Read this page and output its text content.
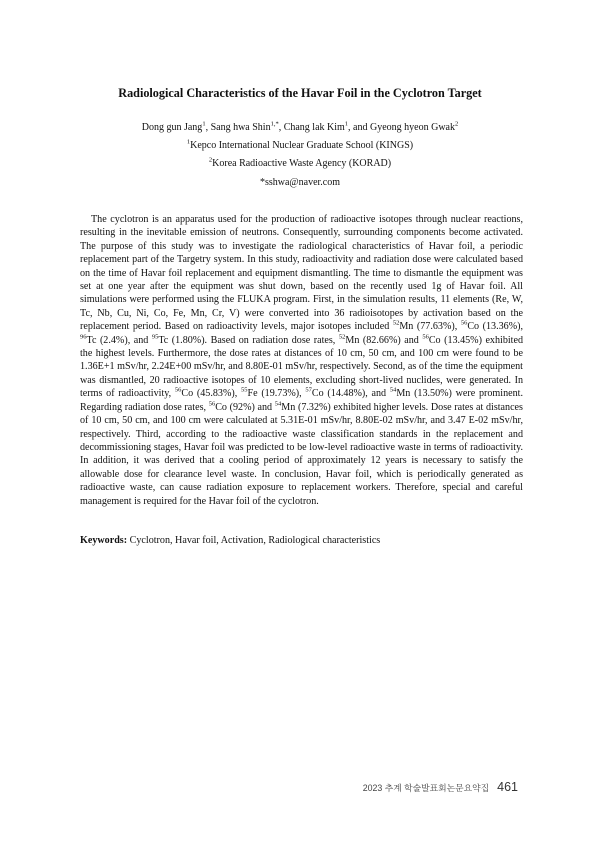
Radiological Characteristics of the Havar Foil in the Cyclotron Target
Dong gun Jang$^1$, Sang hwa Shin$^{1,*}$, Chang lak Kim$^1$, and Gyeong hyeon Gwak$^2$
$^1$Kepco International Nuclear Graduate School (KINGS)
$^2$Korea Radioactive Waste Agency (KORAD)
*sshwa@naver.com
The cyclotron is an apparatus used for the production of radioactive isotopes through nuclear reactions, resulting in the inevitable emission of neutrons. Consequently, surrounding components become activated. The purpose of this study was to investigate the radiological characteristics of Havar foil, a periodic replacement part of the Targetry system. In this study, radioactivity and radiation dose were calculated based on the time of Havar foil replacement and equipment dismantling. The time to dismantle the equipment was set at one year after the equipment was shut down, based on the recently used 1g of Havar foil. All simulations were performed using the FLUKA program. First, in the simulation results, 11 elements (Re, W, Tc, Nb, Cu, Ni, Co, Fe, Mn, Cr, V) were converted into 36 radioisotopes by activation based on the replacement period. Based on radioactivity levels, major isotopes included $^{52}$Mn (77.63%), $^{56}$Co (13.36%), $^{96}$Tc (2.4%), and $^{95}$Tc (1.80%). Based on radiation dose rates, $^{52}$Mn (82.66%) and $^{56}$Co (13.45%) exhibited the highest levels. Furthermore, the dose rates at distances of 10 cm, 50 cm, and 100 cm were found to be 1.36E+1 mSv/hr, 2.24E+00 mSv/hr, and 8.80E-01 mSv/hr, respectively. Second, as of the time the equipment was dismantled, 20 radioactive isotopes of 10 elements, excluding short-lived nuclides, were generated. In terms of radioactivity, $^{56}$Co (45.83%), $^{55}$Fe (19.73%), $^{57}$Co (14.48%), and $^{54}$Mn (13.50%) were prominent. Regarding radiation dose rates, $^{56}$Co (92%) and $^{54}$Mn (7.32%) exhibited higher levels. Dose rates at distances of 10 cm, 50 cm, and 100 cm were calculated at 5.31E-01 mSv/hr, 8.80E-02 mSv/hr, and 3.47 E-02 mSv/hr, respectively. Third, according to the radioactive waste classification standards in the replacement and decommissioning stages, Havar foil was predicted to be low-level radioactive waste in terms of radioactivity. In addition, it was derived that a cooling period of approximately 12 years is necessary to satisfy the allowable dose for clearance level waste. In conclusion, Havar foil, which is periodically generated as radioactive waste, can cause radiation exposure to replacement workers. Therefore, special and careful management is required for the Havar foil of the cyclotron.
Keywords: Cyclotron, Havar foil, Activation, Radiological characteristics
2023 추계 학술발표회논문요약집 461
